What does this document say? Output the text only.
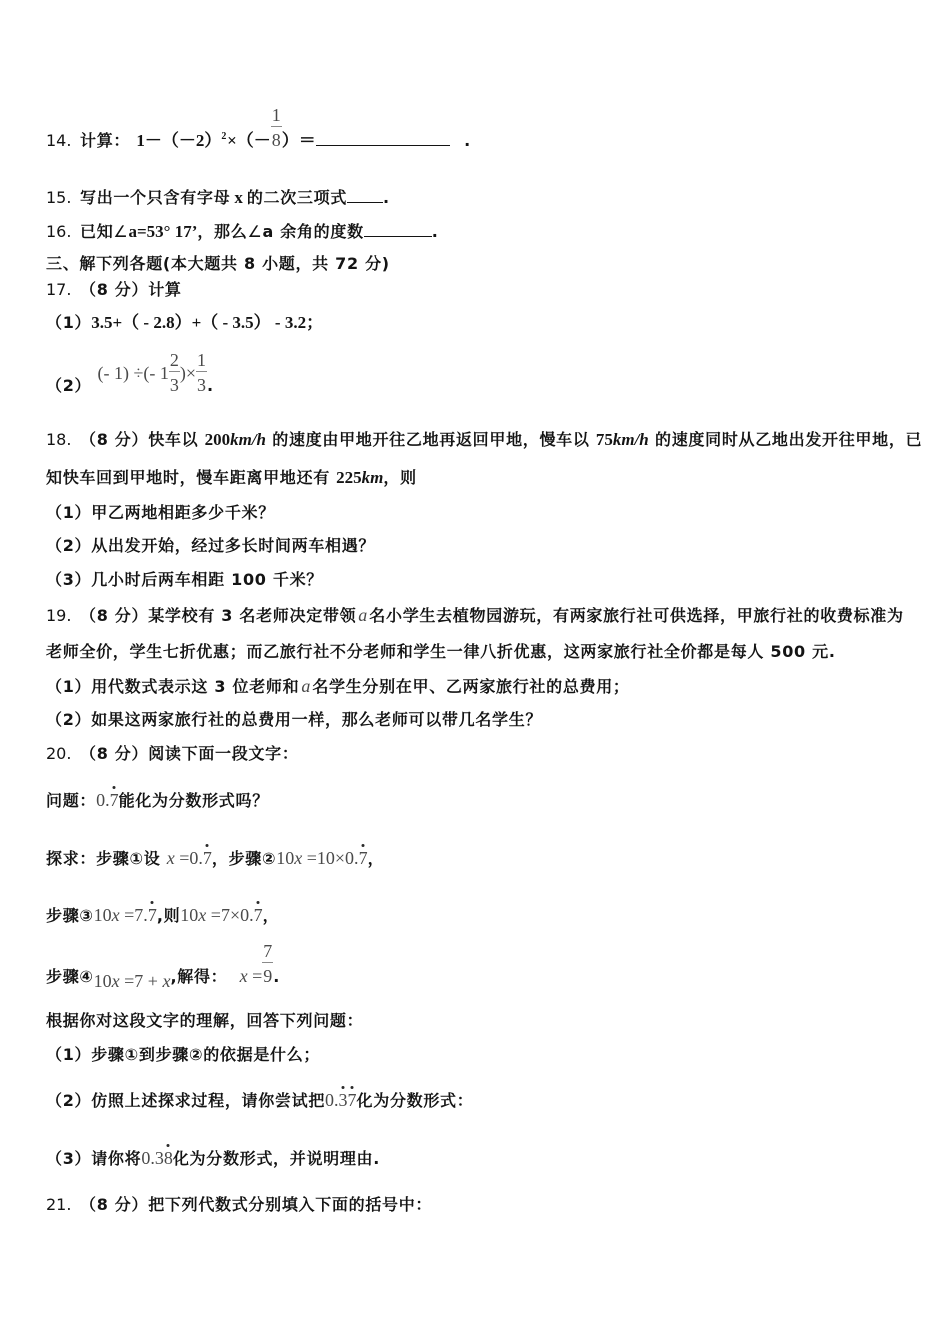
14. 计算： $1-(-2)^2\times(- \frac{1}{8}$ ）＝	.
15. 写出一个只含有字母 x 的二次三项式 .
16. 已知∠a=53° 17’，那么∠a 余角的度数	.
三、解下列各题(本大题共 8 小题，共 72 分)
17. （8 分）计算
（1）3.5+（ - 2.8）+（ - 3.5） - 3.2；
（2） (- 1) ÷(- $1 \frac{2}{3}$ )× $\frac{1}{3}$ .
18. （8 分）快车以 200km/h 的速度由甲地开往乙地再返回甲地，慢车以 75km/h 的速度同时从乙地出发开往甲地，已
知快车回到甲地时，慢车距离甲地还有 225km，则
（1）甲乙两地相距多少千米？
（2）从出发开始，经过多长时间两车相遇？
（3）几小时后两车相距 100 千米？
19. （8 分）某学校有 3 名老师决定带领 a 名小学生去植物园游玩，有两家旅行社可供选择，甲旅行社的收费标准为
老师全价，学生七折优惠；而乙旅行社不分老师和学生一律八折优惠，这两家旅行社全价都是每人 500 元.
（1）用代数式表示这 3 位老师和 a 名学生分别在甲、乙两家旅行社的总费用；
（2）如果这两家旅行社的总费用一样，那么老师可以带几名学生？
20. （8 分）阅读下面一段文字：
问题：0.7能化为分数形式吗？
探求：步骤①设 x =0.7，步骤②10x =10×0.7，
步骤③10x =7.7,则10x =7×0.7，
步骤④10x =7 + x,解得： $x = \frac{7}{9}$ .
根据你对这段文字的理解，回答下列问题：
（1）步骤①到步骤②的依据是什么；
（2）仿照上述探求过程，请你尝试把0.37化为分数形式：
（3）请你将0.38化为分数形式，并说明理由.
21. （8 分）把下列代数式分别填入下面的括号中：
